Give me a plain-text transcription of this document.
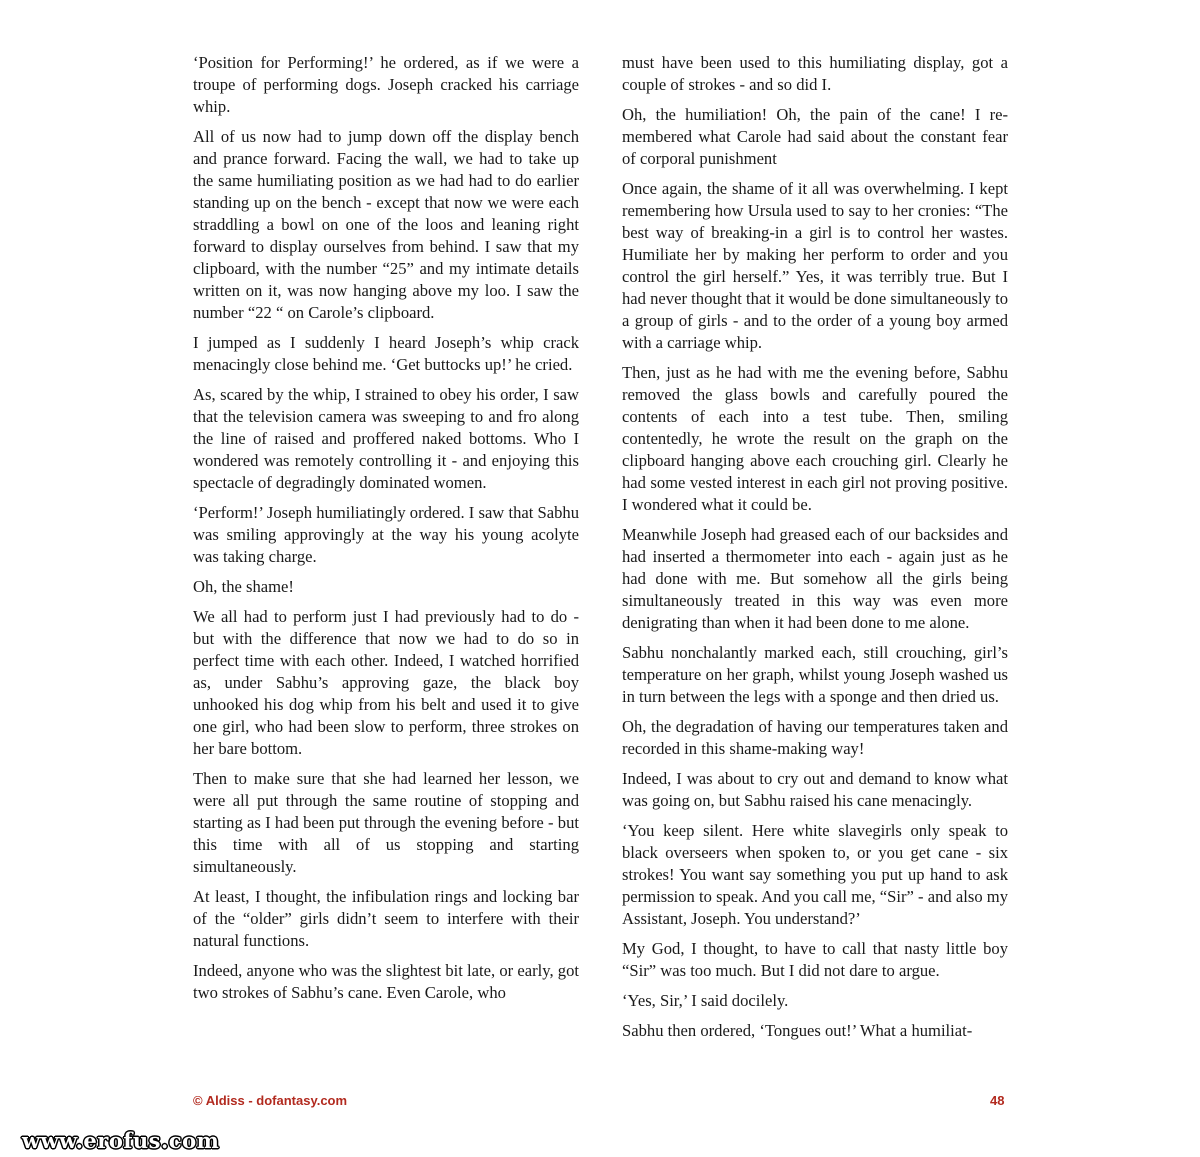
‘Position for Performing!’ he ordered, as if we were a troupe of performing dogs. Joseph cracked his carriage whip.

All of us now had to jump down off the display bench and prance forward. Facing the wall, we had to take up the same humiliating position as we had had to do earlier standing up on the bench - except that now we were each straddling a bowl on one of the loos and leaning right forward to display ourselves from behind. I saw that my clipboard, with the number “25” and my intimate details written on it, was now hanging above my loo. I saw the number “22 “ on Carole’s clipboard.

I jumped as I suddenly I heard Joseph’s whip crack menacingly close behind me. ‘Get buttocks up!’ he cried.

As, scared by the whip, I strained to obey his order, I saw that the television camera was sweeping to and fro along the line of raised and proffered naked bottoms. Who I wondered was remotely controlling it - and enjoying this spectacle of degradingly dominated women.

‘Perform!’ Joseph humiliatingly ordered. I saw that Sabhu was smiling approvingly at the way his young acolyte was taking charge.

Oh, the shame!

We all had to perform just I had previously had to do - but with the difference that now we had to do so in perfect time with each other. Indeed, I watched horrified as, under Sabhu’s approving gaze, the black boy unhooked his dog whip from his belt and used it to give one girl, who had been slow to perform, three strokes on her bare bottom.

Then to make sure that she had learned her lesson, we were all put through the same routine of stopping and starting as I had been put through the evening before - but this time with all of us stopping and starting simultaneously.

At least, I thought, the infibulation rings and locking bar of the “older” girls didn’t seem to interfere with their natural functions.

Indeed, anyone who was the slightest bit late, or early, got two strokes of Sabhu’s cane. Even Carole, who

must have been used to this humiliating display, got a couple of strokes - and so did I.

Oh, the humiliation! Oh, the pain of the cane! I remembered what Carole had said about the constant fear of corporal punishment

Once again, the shame of it all was overwhelming. I kept remembering how Ursula used to say to her cronies: “The best way of breaking-in a girl is to control her wastes. Humiliate her by making her perform to order and you control the girl herself.” Yes, it was terribly true. But I had never thought that it would be done simultaneously to a group of girls - and to the order of a young boy armed with a carriage whip.

Then, just as he had with me the evening before, Sabhu removed the glass bowls and carefully poured the contents of each into a test tube. Then, smiling contentedly, he wrote the result on the graph on the clipboard hanging above each crouching girl. Clearly he had some vested interest in each girl not proving positive. I wondered what it could be.

Meanwhile Joseph had greased each of our backsides and had inserted a thermometer into each - again just as he had done with me. But somehow all the girls being simultaneously treated in this way was even more denigrating than when it had been done to me alone.

Sabhu nonchalantly marked each, still crouching, girl’s temperature on her graph, whilst young Joseph washed us in turn between the legs with a sponge and then dried us.

Oh, the degradation of having our temperatures taken and recorded in this shame-making way!

Indeed, I was about to cry out and demand to know what was going on, but Sabhu raised his cane menacingly.

‘You keep silent. Here white slavegirls only speak to black overseers when spoken to, or you get cane - six strokes! You want say something you put up hand to ask permission to speak. And you call me, “Sir” - and also my Assistant, Joseph. You understand?’

My God, I thought, to have to call that nasty little boy “Sir” was too much. But I did not dare to argue.

‘Yes, Sir,’ I said docilely.

Sabhu then ordered, ‘Tongues out!’ What a humiliat-

© Aldiss - dofantasy.com	48
www.erofus.com
